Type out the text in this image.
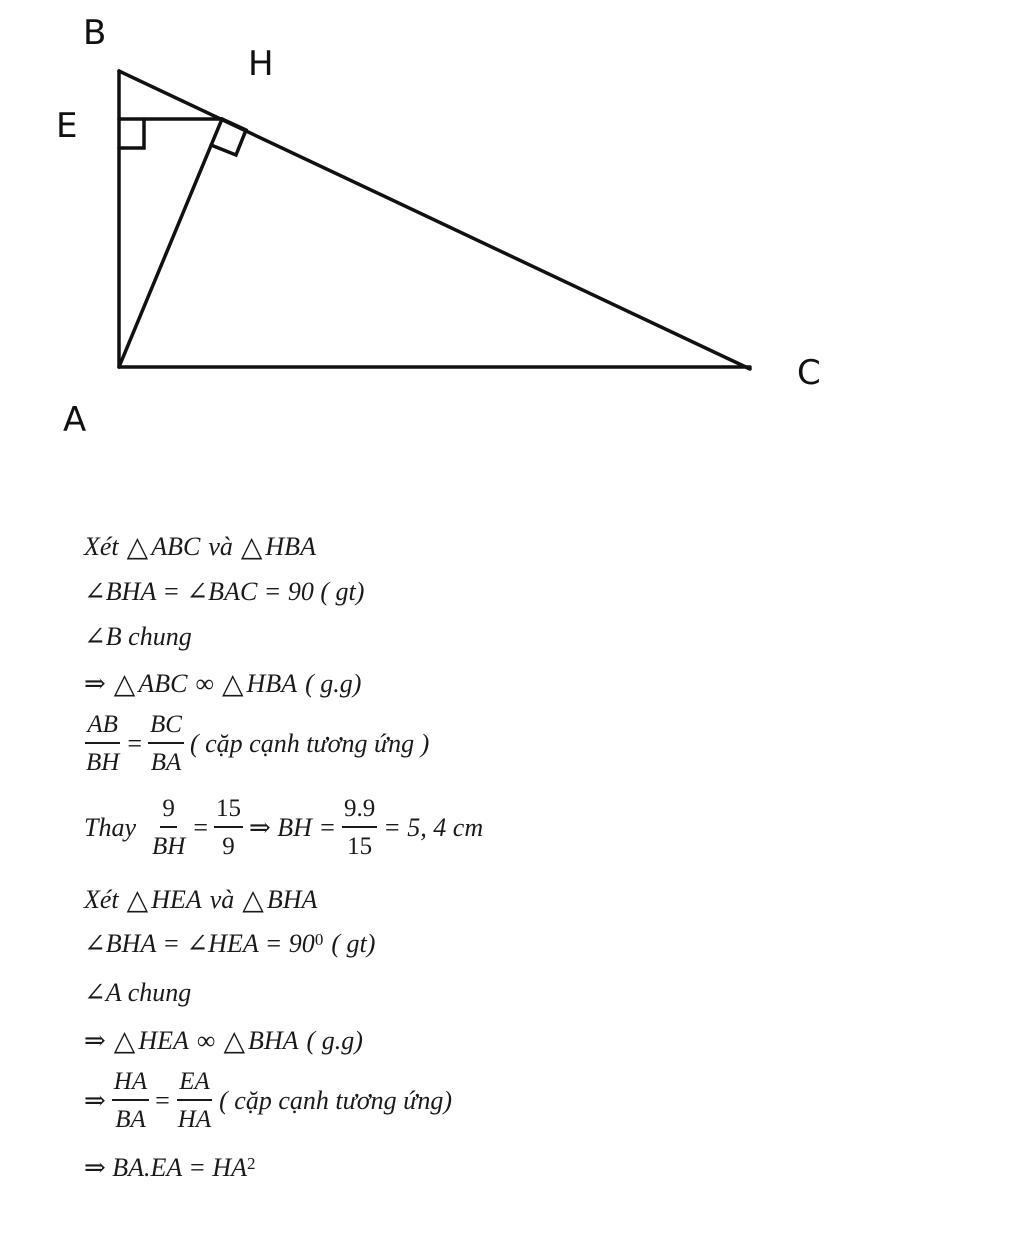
B
H
E
C
A
Xét △ ABC và △ HBA
∠BHA = ∠BAC = 90 ( gt)
∠B chung
⇒ △ ABC ∞ △ HBA ( g.g)
$\frac{AB}{BH} = \frac{BC}{BA}$ ( cặp cạnh tương ứng )
Thay $\frac{9}{BH} = \frac{15}{9}$ ⇒ BH = $\frac{9.9}{15} = 5$, 4 cm
Xét △ HEA và △ BHA
∠BHA = ∠HEA = $90^0$ ( gt)
∠A chung
⇒ △ HEA ∞ △ BHA ( g.g)
⇒ $\frac{HA}{BA} = \frac{EA}{HA}$ ( cặp cạnh tương ứng)
⇒ $BA.EA = HA^2$
